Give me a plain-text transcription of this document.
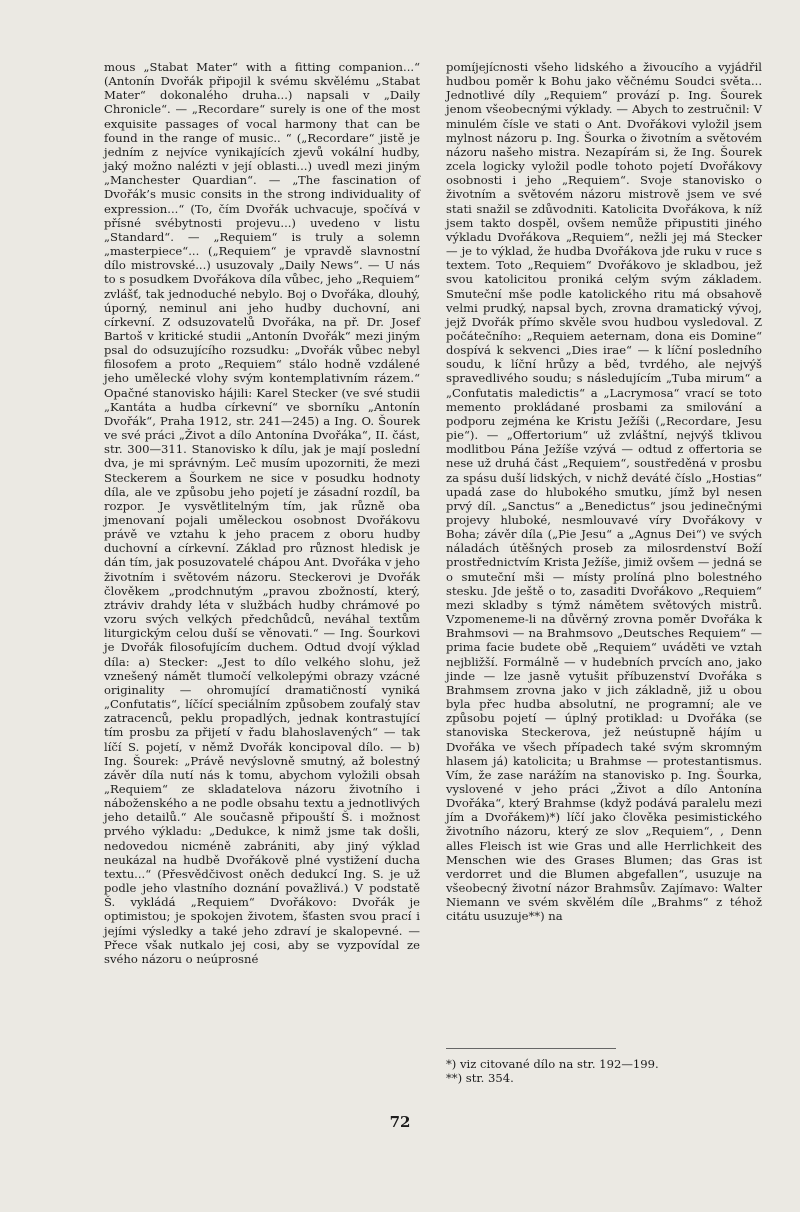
mous „Stabat Mater“ with a fitting companion...“ (Antonín Dvořák připojil k svému skvělému „Stabat Mater“ dokonalého druha...) napsali v „Daily Chronicle“. — „Recordare“ surely is one of the most exquisite passages of vocal harmony that can be found in the range of music.. “ („Recordare“ jistě je jedním z nejvíce vynikajících zjevů vokální hudby, jaký možno nalézti v její oblasti...) uvedl mezi jiným „Manchester Quardian“. — „The fascination of Dvořák’s music consits in the strong individuality of expression...“ (To, čím Dvořák uchvacuje, spočívá v přísné svébytnosti projevu...) uvedeno v listu „Standard“. — „Requiem“ is truly a solemn „masterpiece“... („Requiem“ je vpravdě slavnostní dílo mistrovské...) usuzovaly „Daily News“. — U nás to s posudkem Dvořákova díla vůbec, jeho „Requiem“ zvlášť, tak jednoduché nebylo. Boj o Dvořáka, dlouhý, úporný, neminul ani jeho hudby duchovní, ani církevní. Z odsuzovatelů Dvořáka, na př. Dr. Josef Bartoš v kritické studii „Antonín Dvořák“ mezi jiným psal do odsuzujícího rozsudku: „Dvořák vůbec nebyl filosofem a proto „Requiem“ stálo hodně vzdálené jeho umělecké vlohy svým kontemplativním rázem.“ Opačné stanovisko hájili: Karel Stecker (ve své studii „Kantáta a hudba církevní“ ve sborníku „Antonín Dvořák“, Praha 1912, str. 241—245) a Ing. O. Šourek ve své práci „Život a dílo Antonína Dvořáka“, II. část, str. 300—311. Stanovisko k dílu, jak je mají poslední dva, je mi správným. Leč musím upozorniti, že mezi Steckerem a Šourkem ne sice v posudku hodnoty díla, ale ve způsobu jeho pojetí je zásadní rozdíl, ba rozpor. Je vysvětlitelným tím, jak různě oba jmenovaní pojali uměleckou osobnost Dvořákovu právě ve vztahu k jeho pracem z oboru hudby duchovní a církevní. Základ pro různost hledisk je dán tím, jak posuzovatelé chápou Ant. Dvořáka v jeho životním i světovém názoru. Steckerovi je Dvořák člověkem „prodchnutým „pravou zbožností, který, ztráviv drahdy léta v službách hudby chrámové po vzoru svých velkých předchůdců, neváhal textům liturgickým celou duší se věnovati.“ — Ing. Šourkovi je Dvořák filosofujícím duchem. Odtud dvojí výklad díla: a) Stecker: „Jest to dílo velkého slohu, jež vznešený námět tlumočí velkolepými obrazy vzácné originality — ohromující dramatičností vyniká „Confutatis“, líčící speciálním způsobem zoufalý stav zatracenců, peklu propadlých, jednak kontrastující tím prosbu za přijetí v řadu blahoslavených“ — tak líčí S. pojetí, v němž Dvořák koncipoval dílo. — b) Ing. Šourek: „Právě nevýslovně smutný, až bolestný závěr díla nutí nás k tomu, abychom vyložili obsah „Requiem“ ze skladatelova názoru životního i náboženského a ne podle obsahu textu a jednotlivých jeho detailů.“ Ale současně připouští Š. i možnost prvého výkladu: „Dedukce, k nimž jsme tak došli, nedovedou nicméně zabrániti, aby jiný výklad neukázal na hudbě Dvořákově plné vystižení ducha textu...“ (Přesvědčivost oněch dedukcí Ing. S. je už podle jeho vlastního doznání považlivá.) V podstatě Š. vykládá „Requiem“ Dvořákovo: Dvořák je optimistou; je spokojen životem, šťasten svou prací i jejími výsledky a také jeho zdraví je skalopevné. — Přece však nutkalo jej cosi, aby se vyzpovídal ze svého názoru o neúprosné

pomíjejícnosti všeho lidského a živoucího a vyjádřil hudbou poměr k Bohu jako věčnému Soudci světa... Jednotlivé díly „Requiem“ provází p. Ing. Šourek jenom všeobecnými výklady. — Abych to zestručnil: V minulém čísle ve stati o Ant. Dvořákovi vyložil jsem mylnost názoru p. Ing. Šourka o životním a světovém názoru našeho mistra. Nezapírám si, že Ing. Šourek zcela logicky vyložil podle tohoto pojetí Dvořákovy osobnosti i jeho „Requiem“. Svoje stanovisko o životním a světovém názoru mistrově jsem ve své stati snažil se zdůvodniti. Katolicita Dvořákova, k níž jsem takto dospěl, ovšem nemůže připustiti jiného výkladu Dvořákova „Requiem“, nežli jej má Stecker — je to výklad, že hudba Dvořákova jde ruku v ruce s textem. Toto „Requiem“ Dvořákovo je skladbou, jež svou katolicitou proniká celým svým základem. Smuteční mše podle katolického ritu má obsahově velmi prudký, napsal bych, zrovna dramatický vývoj, jejž Dvořák přímo skvěle svou hudbou vysledoval. Z počátečního: „Requiem aeternam, dona eis Domine“ dospívá k sekvenci „Dies irae“ — k líční posledního soudu, k líční hrůzy a běd, tvrdého, ale nejvýš spravedlivého soudu; s následujícím „Tuba mirum“ a „Confutatis maledictis“ a „Lacrymosa“ vrací se toto memento prokládané prosbami za smilování a podporu zejména ke Kristu Ježíši („Recordare, Jesu pie“). — „Offertorium“ už zvláštní, nejvýš tklivou modlitbou Pána Ježíše vzývá — odtud z offertoria se nese už druhá část „Requiem“, soustředěná v prosbu za spásu duší lidských, v nichž deváté číslo „Hostias“ upadá zase do hlubokého smutku, jímž byl nesen prvý díl. „Sanctus“ a „Benedictus“ jsou jedinečnými projevy hluboké, nesmlouvavé víry Dvořákovy v Boha; závěr díla („Pie Jesu“ a „Agnus Dei“) ve svých náladách útěšných proseb za milosrdenství Boží prostřednictvím Krista Ježíše, jimiž ovšem — jedná se o smuteční mši — místy prolíná plno bolestného stesku. Jde ještě o to, zasaditi Dvořákovo „Requiem“ mezi skladby s týmž námětem světových mistrů. Vzpomeneme-li na důvěrný zrovna poměr Dvořáka k Brahmsovi — na Brahmsovo „Deutsches Requiem“ — prima facie budete obě „Requiem“ uváděti ve vztah nejbližší. Formálně — v hudebních prvcích ano, jako jinde — lze jasně vytušit příbuzenství Dvořáka s Brahmsem zrovna jako v jich základně, již u obou byla přec hudba absolutní, ne programní; ale ve způsobu pojetí — úplný protiklad: u Dvořáka (se stanoviska Steckerova, jež neústupně hájím u Dvořáka ve všech případech také svým skromným hlasem já) katolicita; u Brahmse — protestantismus. Vím, že zase narážím na stanovisko p. Ing. Šourka, vyslovené v jeho práci „Život a dílo Antonína Dvořáka“, který Brahmse (když podává paralelu mezi jím a Dvořákem)*) líčí jako člověka pesimistického životního názoru, který ze slov „Requiem“, , Denn alles Fleisch ist wie Gras und alle Herrlichkeit des Menschen wie des Grases Blumen; das Gras ist verdorret und die Blumen abgefallen“, usuzuje na všeobecný životní názor Brahmsův. Zajímavo: Walter Niemann ve svém skvělém díle „Brahms“ z téhož citátu usuzuje**) na

*) viz citované dílo na str. 192—199.

**) str. 354.

72
